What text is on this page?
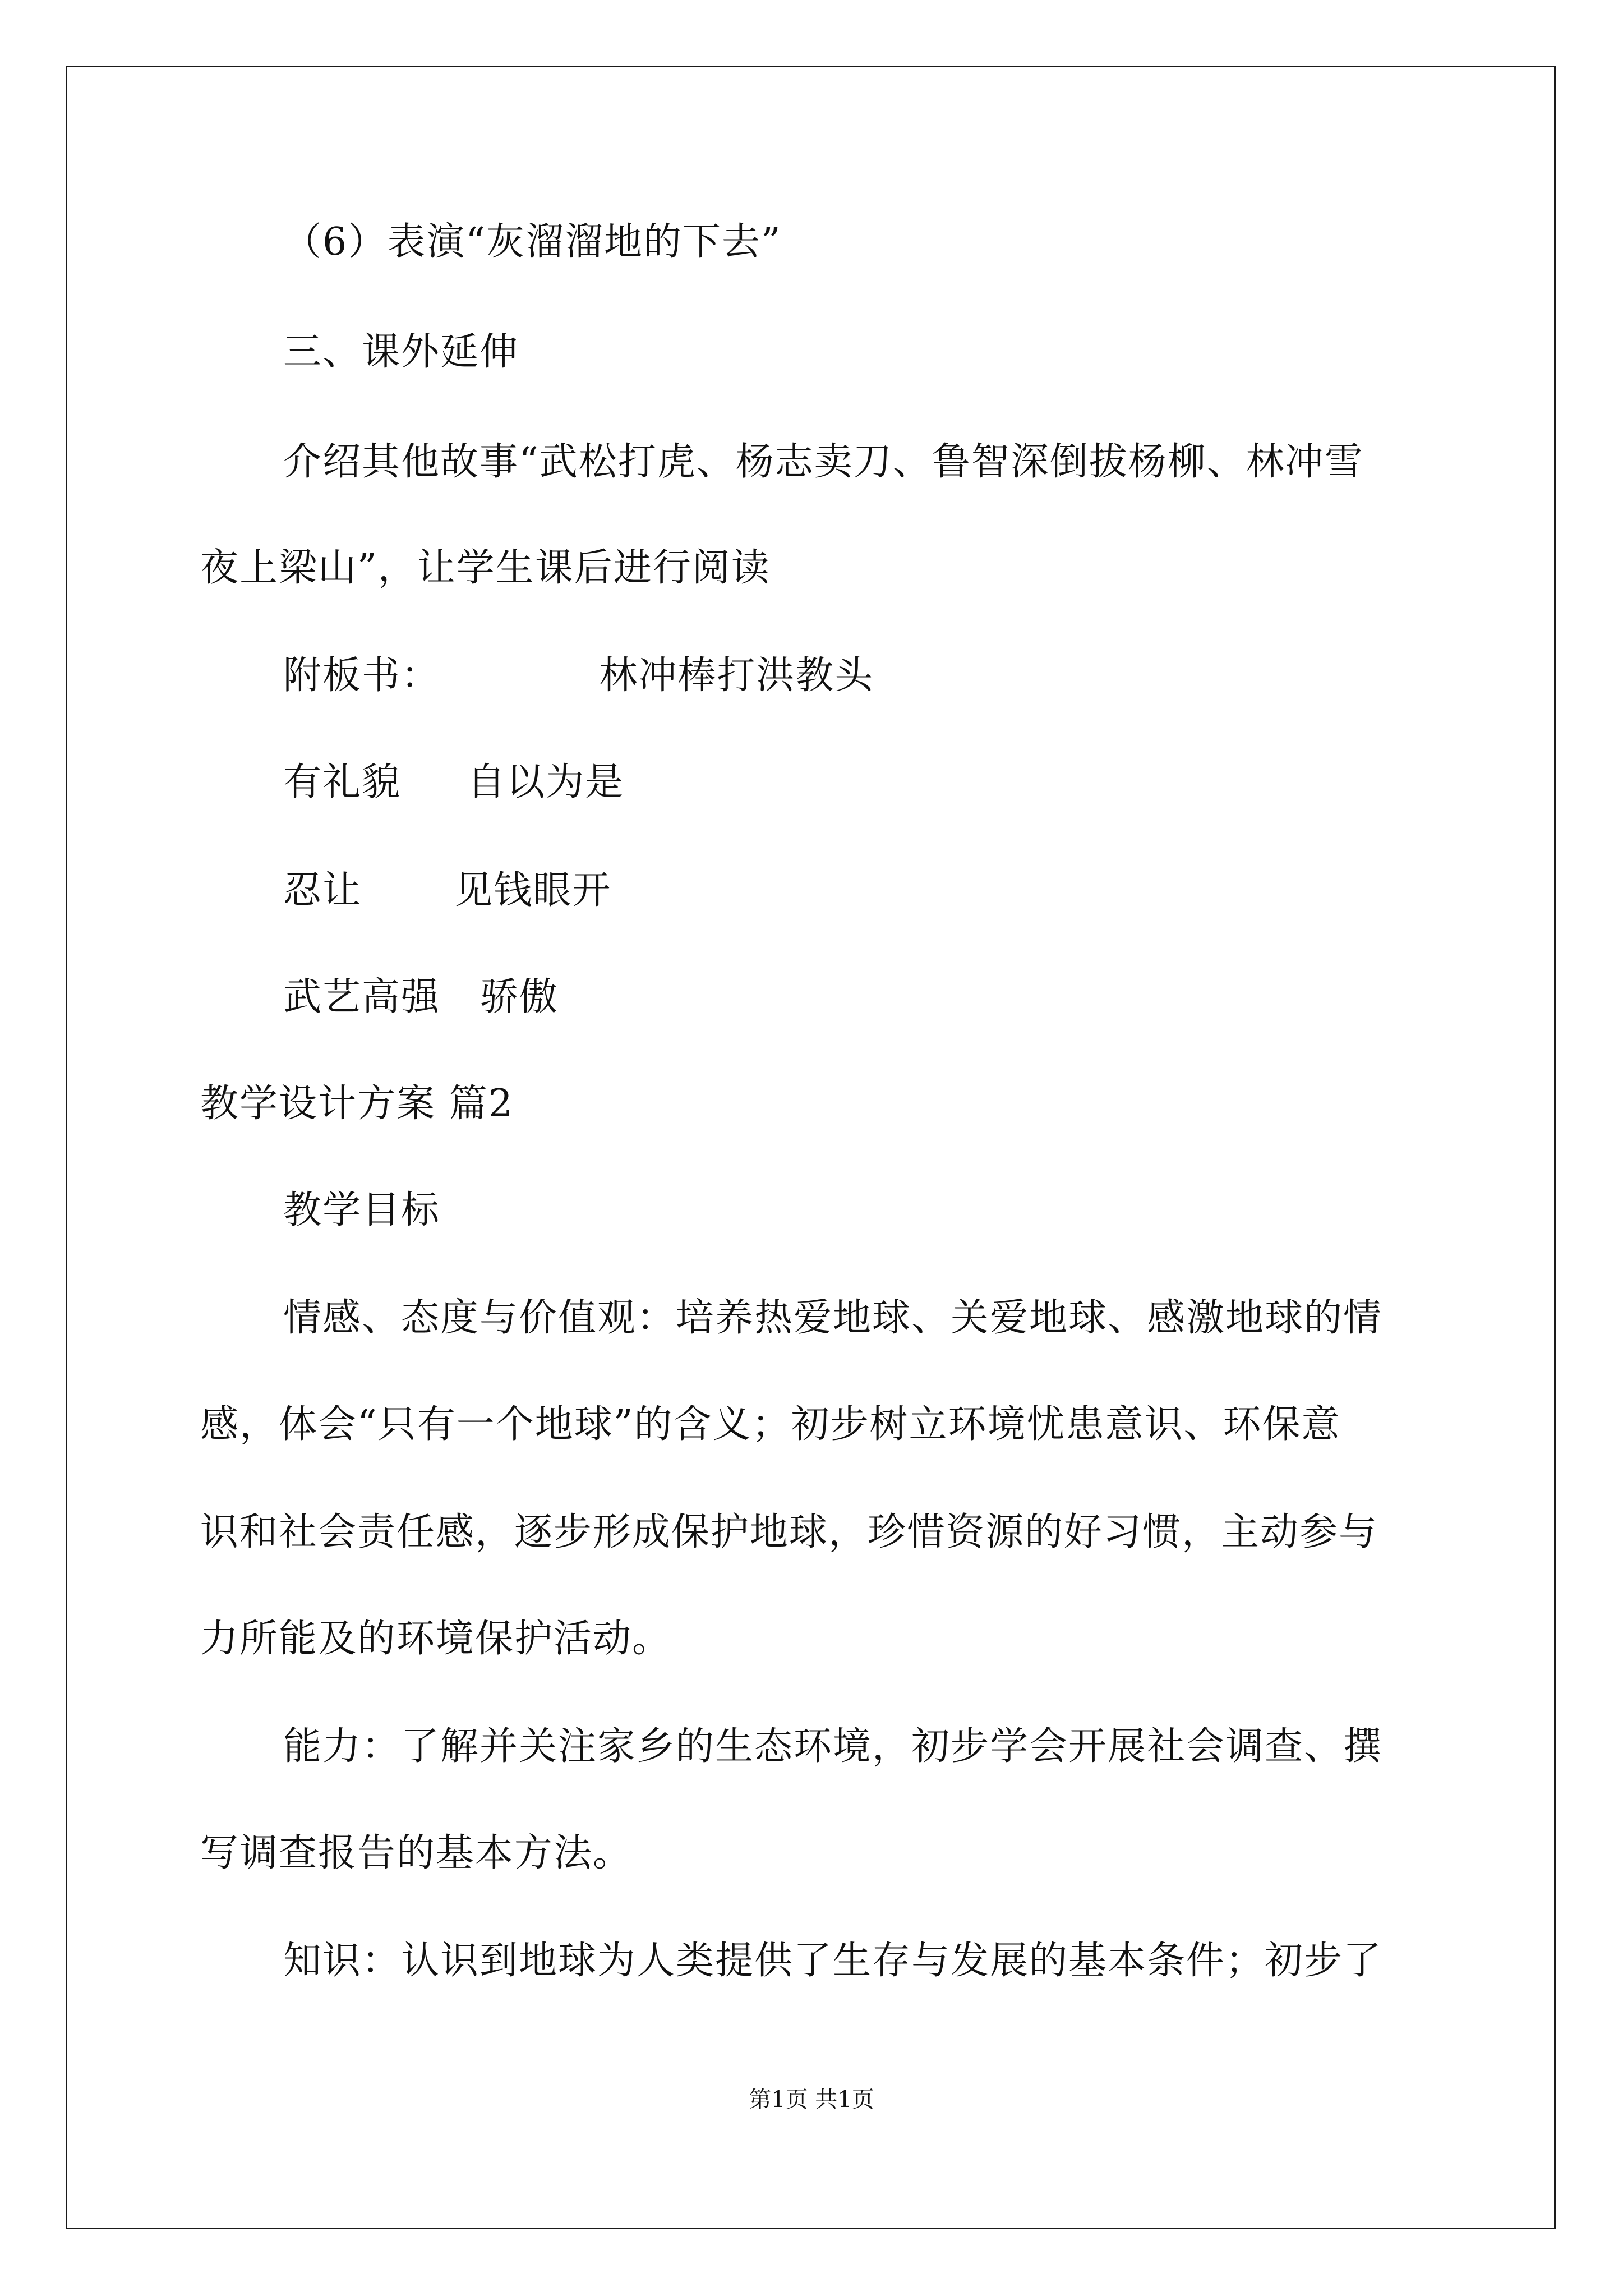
（6）表演“灰溜溜地的下去”
三、课外延伸
介绍其他故事“武松打虎、杨志卖刀、鲁智深倒拔杨柳、林冲雪
夜上梁山”，让学生课后进行阅读
附板书：            林冲棒打洪教头
有礼貌     自以为是
忍让       见钱眼开
武艺高强   骄傲
教学设计方案 篇2
教学目标
情感、态度与价值观：培养热爱地球、关爱地球、感激地球的情
感，体会“只有一个地球”的含义；初步树立环境忧患意识、环保意
识和社会责任感，逐步形成保护地球，珍惜资源的好习惯，主动参与
力所能及的环境保护活动。
能力：了解并关注家乡的生态环境，初步学会开展社会调查、撰
写调查报告的基本方法。
知识：认识到地球为人类提供了生存与发展的基本条件；初步了
第1页 共1页
